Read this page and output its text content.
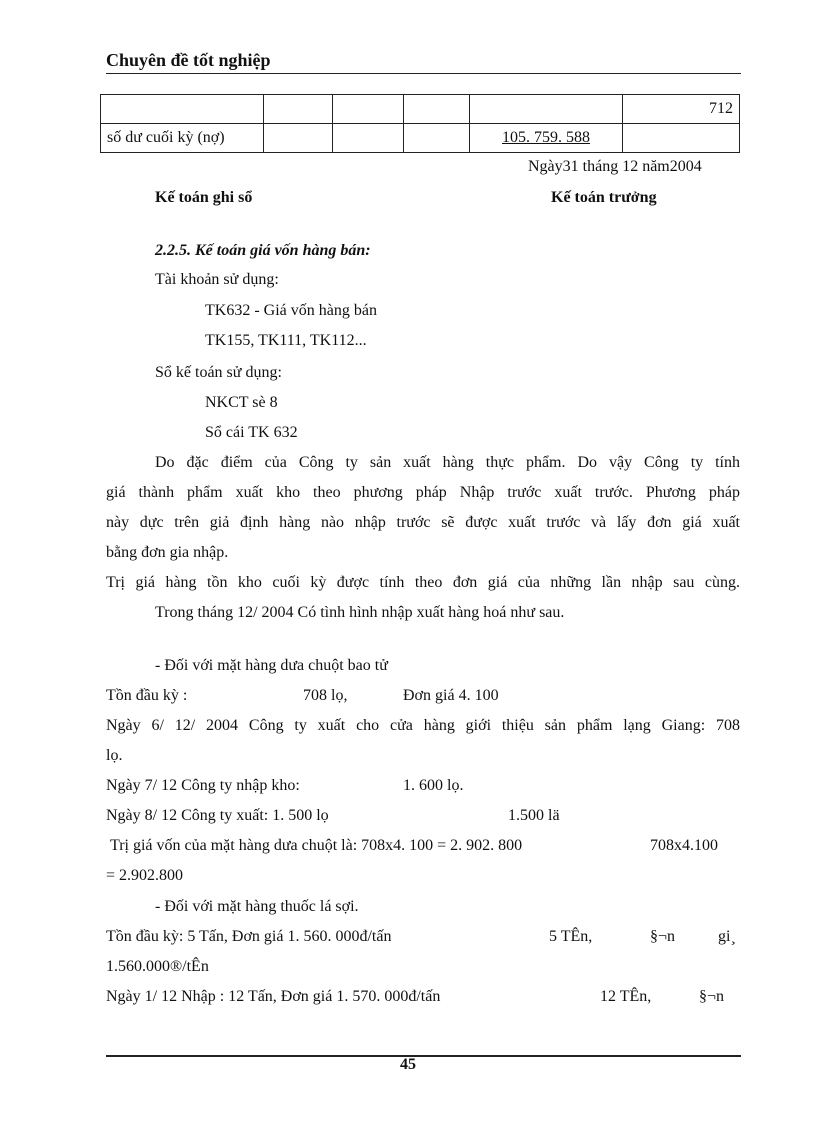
Chuyên đề tốt nghiệp
					712
số dư cuối kỳ (nợ)				105. 759. 588	
Ngày31 tháng 12 năm2004
Kế toán ghi sổ	Kế toán trưởng
2.2.5. Kế toán giá vốn hàng bán:
Tài khoản sử dụng:
TK632 - Giá vốn hàng bán
TK155, TK111, TK112...
Sổ kế toán sử dụng:
NKCT sè 8
Sổ cái TK 632
Do đặc điểm của Công ty sản xuất hàng thực phẩm. Do vậy Công ty tính
giá thành phẩm xuất kho theo phương pháp Nhập trước xuất trước. Phương pháp
này dực trên giả định hàng nào nhập trước sẽ được xuất trước và lấy đơn giá xuất
bằng đơn gia nhập.
Trị giá hàng tồn kho cuối kỳ được tính theo đơn giá của những lần nhập sau cùng.
Trong tháng 12/ 2004 Có tình hình nhập xuất hàng hoá như sau.
- Đối với mặt hàng dưa chuột bao tử
Tồn đầu kỳ :	708 lọ,	Đơn giá 4. 100
Ngày 6/ 12/ 2004 Công ty xuất cho cửa hàng giới thiệu sản phẩm lạng Giang: 708
lọ.
Ngày 7/ 12 Công ty nhập kho:	1. 600 lọ.
Ngày 8/ 12 Công ty xuất: 1. 500 lọ	1.500 lä
Trị giá vốn của mặt hàng dưa chuột là: 708x4. 100 = 2. 902. 800	708x4.100
= 2.902.800
- Đối với mặt hàng thuốc lá sợi.
Tồn đầu kỳ: 5 Tấn, Đơn giá 1. 560. 000đ/tấn	5 TÊn,	§¬n	gi¸
1.560.000®/tÊn
Ngày 1/ 12 Nhập : 12 Tấn, Đơn giá 1. 570. 000đ/tấn	12 TÊn,	§¬n
45
